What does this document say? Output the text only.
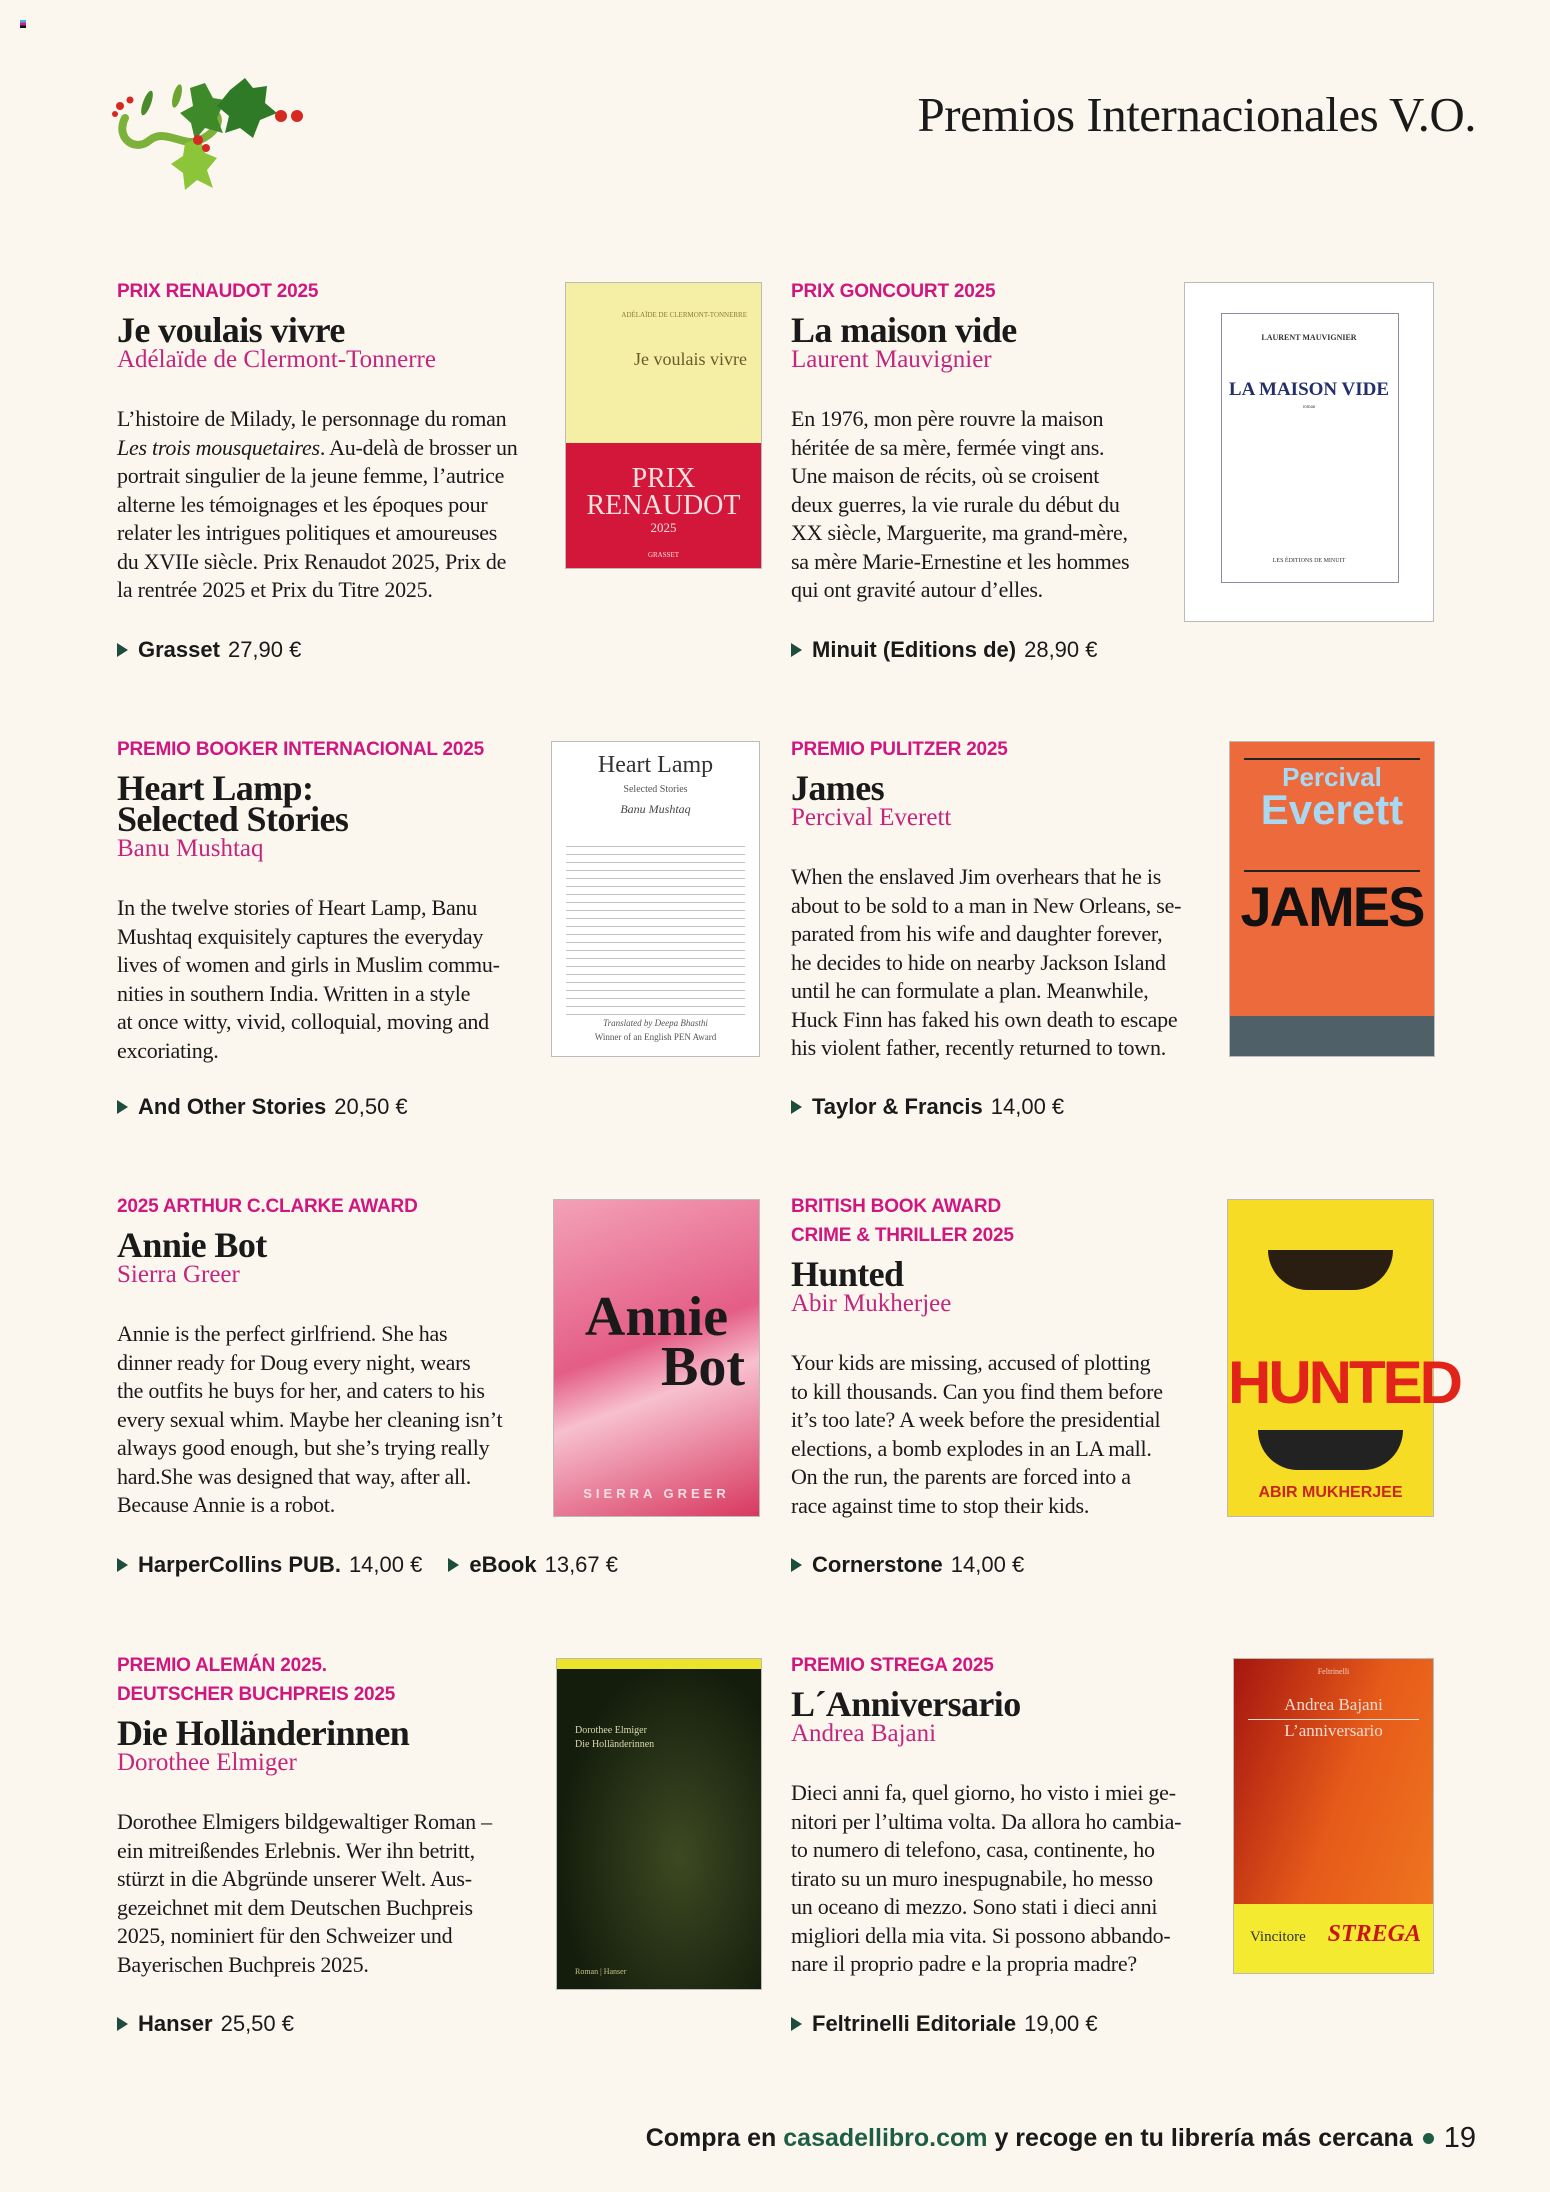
Premios Internacionales V.O.
PRIX RENAUDOT 2025
Je voulais vivre
Adélaïde de Clermont-Tonnerre
L’histoire de Milady, le personnage du roman
Les trois mousquetaires. Au-delà de brosser un
portrait singulier de la jeune femme, l’autrice
alterne les témoignages et les époques pour
relater les intrigues politiques et amoureuses
du XVIIe siècle. Prix Renaudot 2025, Prix de
la rentrée 2025 et Prix du Titre 2025.
Grasset 27,90 €
ADÉLAÏDE DE CLERMONT-TONNERRE
Je voulais vivre
PRIX
RENAUDOT
2025
GRASSET
PRIX GONCOURT 2025
La maison vide
Laurent Mauvignier
En 1976, mon père rouvre la maison
héritée de sa mère, fermée vingt ans.
Une maison de récits, où se croisent
deux guerres, la vie rurale du début du
XX siècle, Marguerite, ma grand-mère,
sa mère Marie-Ernestine et les hommes
qui ont gravité autour d’elles.
Minuit (Editions de) 28,90 €
LAURENT MAUVIGNIER
LA MAISON VIDE
roman
LES ÉDITIONS DE MINUIT
PREMIO BOOKER INTERNACIONAL 2025
Heart Lamp:
Selected Stories
Banu Mushtaq
In the twelve stories of Heart Lamp, Banu
Mushtaq exquisitely captures the everyday
lives of women and girls in Muslim commu-
nities in southern India. Written in a style
at once witty, vivid, colloquial, moving and
excoriating.
And Other Stories 20,50 €
Heart Lamp
Selected Stories
Banu Mushtaq
Translated by Deepa Bhasthi
Winner of an English PEN Award
PREMIO PULITZER 2025
James
Percival Everett
When the enslaved Jim overhears that he is
about to be sold to a man in New Orleans, se-
parated from his wife and daughter forever,
he decides to hide on nearby Jackson Island
until he can formulate a plan. Meanwhile,
Huck Finn has faked his own death to escape
his violent father, recently returned to town.
Taylor & Francis 14,00 €
Percival
Everett
JAMES
2025 ARTHUR C.CLARKE AWARD
Annie Bot
Sierra Greer
Annie is the perfect girlfriend. She has
dinner ready for Doug every night, wears
the outfits he buys for her, and caters to his
every sexual whim. Maybe her cleaning isn’t
always good enough, but she’s trying really
hard.She was designed that way, after all.
Because Annie is a robot.
HarperCollins PUB. 14,00 € eBook 13,67 €
Annie
Bot
SIERRA GREER
BRITISH BOOK AWARD
CRIME & THRILLER 2025
Hunted
Abir Mukherjee
Your kids are missing, accused of plotting
to kill thousands. Can you find them before
it’s too late? A week before the presidential
elections, a bomb explodes in an LA mall.
On the run, the parents are forced into a
race against time to stop their kids.
Cornerstone 14,00 €
HUNTED
ABIR MUKHERJEE
PREMIO ALEMÁN 2025.
DEUTSCHER BUCHPREIS 2025
Die Holländerinnen
Dorothee Elmiger
Dorothee Elmigers bildgewaltiger Roman –
ein mitreißendes Erlebnis. Wer ihn betritt,
stürzt in die Abgründe unserer Welt. Aus-
gezeichnet mit dem Deutschen Buchpreis
2025, nominiert für den Schweizer und
Bayerischen Buchpreis 2025.
Hanser 25,50 €
Dorothee Elmiger
Die Holländerinnen
Roman | Hanser
PREMIO STREGA 2025
L´Anniversario
Andrea Bajani
Dieci anni fa, quel giorno, ho visto i miei ge-
nitori per l’ultima volta. Da allora ho cambia-
to numero di telefono, casa, continente, ho
tirato su un muro inespugnabile, ho messo
un oceano di mezzo. Sono stati i dieci anni
migliori della mia vita. Si possono abbando-
nare il proprio padre e la propria madre?
Feltrinelli Editoriale 19,00 €
Feltrinelli
Andrea Bajani
L’anniversario
Vincitore STREGA
Compra en casadellibro.com y recoge en tu librería más cercana 19
